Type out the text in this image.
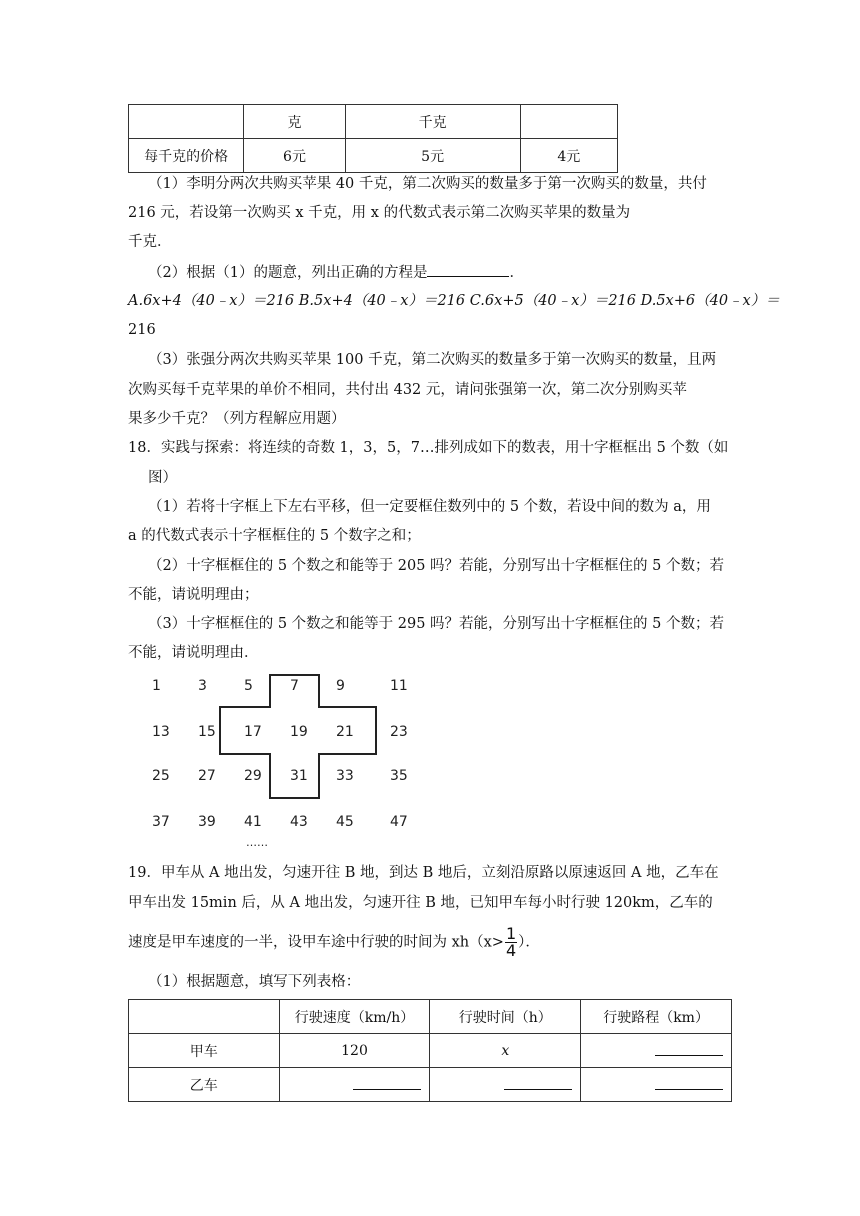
	克	千克	
每千克的价格	6元	5元	4元
（1）李明分两次共购买苹果 40 千克，第二次购买的数量多于第一次购买的数量，共付
216 元，若设第一次购买 x 千克，用 x 的代数式表示第二次购买苹果的数量为
千克．
（2）根据（1）的题意，列出正确的方程是	．
A.6x+4（40﹣x）＝216 B.5x+4（40﹣x）＝216 C.6x+5（40﹣x）＝216 D.5x+6（40﹣x）＝
216
（3）张强分两次共购买苹果 100 千克，第二次购买的数量多于第一次购买的数量，且两
次购买每千克苹果的单价不相同，共付出 432 元，请问张强第一次，第二次分别购买苹
果多少千克？（列方程解应用题）
18．实践与探索：将连续的奇数 1，3，5，7…排列成如下的数表，用十字框框出 5 个数（如
图）
（1）若将十字框上下左右平移，但一定要框住数列中的 5 个数，若设中间的数为 a，用
a 的代数式表示十字框框住的 5 个数字之和；
（2）十字框框住的 5 个数之和能等于 205 吗？若能，分别写出十字框框住的 5 个数；若
不能，请说明理由；
（3）十字框框住的 5 个数之和能等于 295 吗？若能，分别写出十字框框住的 5 个数；若
不能，请说明理由．
1	3	5	7	9	11
13 15 17 19 21	23
25 27 29 31 33	35
37 39 41 43 45	47
……
19．甲车从 A 地出发，匀速开往 B 地，到达 B 地后，立刻沿原路以原速返回 A 地，乙车在
甲车出发 15min 后，从 A 地出发，匀速开往 B 地，已知甲车每小时行驶 120km，乙车的
速度是甲车速度的一半，设甲车途中行驶的时间为 $xh(x> \frac{1}{4}$ ）．
（1）根据题意，填写下列表格：
	行驶速度（km/h）	行驶时间（h）	行驶路程（km）
甲车	120	x	
乙车			
